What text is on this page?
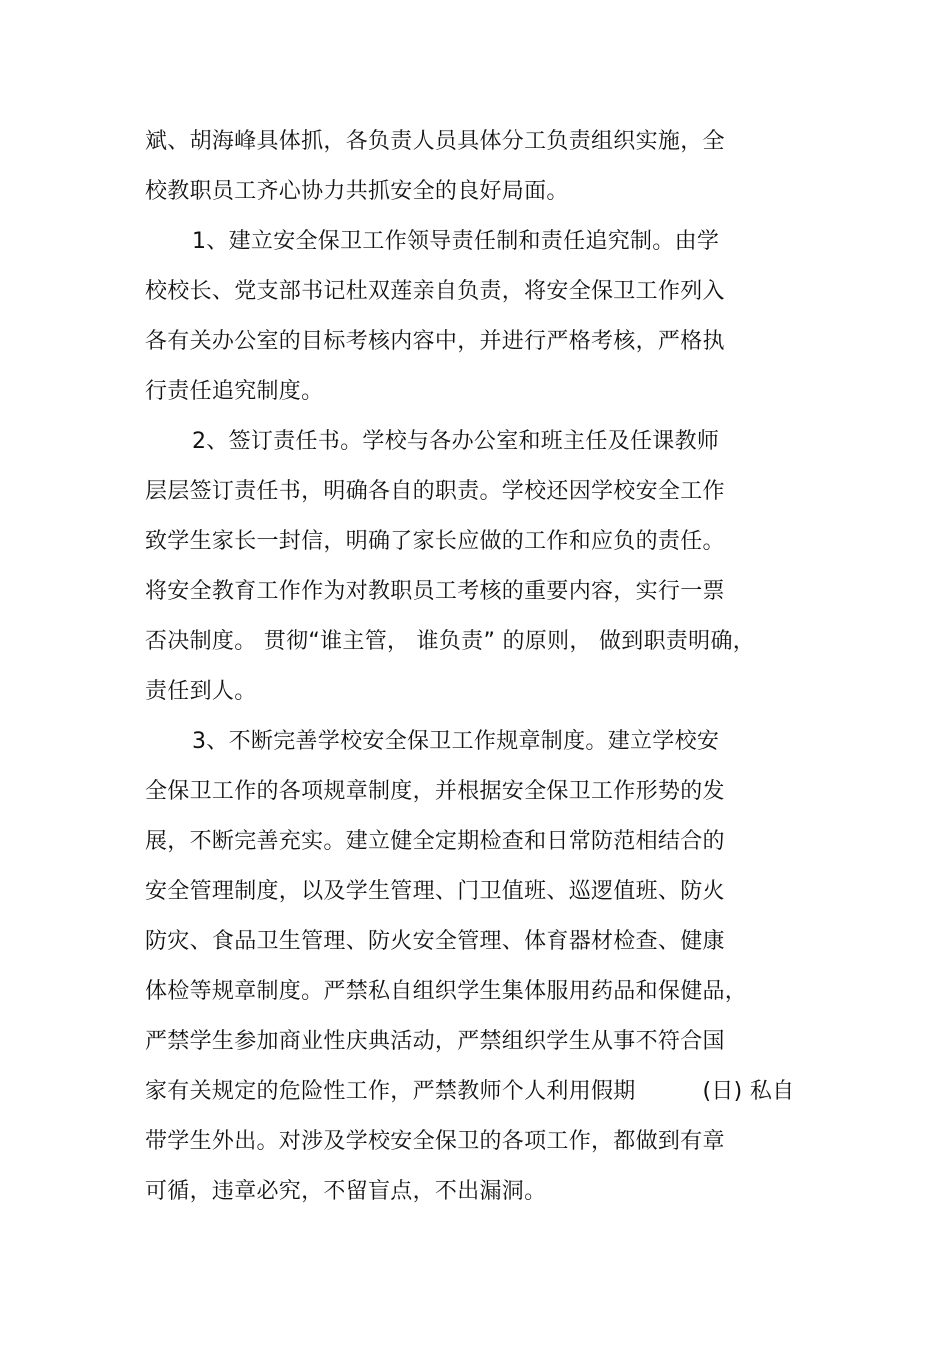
斌、胡海峰具体抓，各负责人员具体分工负责组织实施，全
校教职员工齐心协力共抓安全的良好局面。
1、建立安全保卫工作领导责任制和责任追究制。由学
校校长、党支部书记杜双莲亲自负责，将安全保卫工作列入
各有关办公室的目标考核内容中，并进行严格考核，严格执
行责任追究制度。
2、签订责任书。学校与各办公室和班主任及任课教师
层层签订责任书，明确各自的职责。学校还因学校安全工作
致学生家长一封信，明确了家长应做的工作和应负的责任。
将安全教育工作作为对教职员工考核的重要内容，实行一票
否决制度。 贯彻“谁主管， 谁负责” 的原则， 做到职责明确，
责任到人。
3、不断完善学校安全保卫工作规章制度。建立学校安
全保卫工作的各项规章制度，并根据安全保卫工作形势的发
展，不断完善充实。建立健全定期检查和日常防范相结合的
安全管理制度，以及学生管理、门卫值班、巡逻值班、防火
防灾、食品卫生管理、防火安全管理、体育器材检查、健康
体检等规章制度。严禁私自组织学生集体服用药品和保健品，
严禁学生参加商业性庆典活动，严禁组织学生从事不符合国
家有关规定的危险性工作，严禁教师个人利用假期　　　(日) 私自
带学生外出。对涉及学校安全保卫的各项工作，都做到有章
可循，违章必究，不留盲点，不出漏洞。
